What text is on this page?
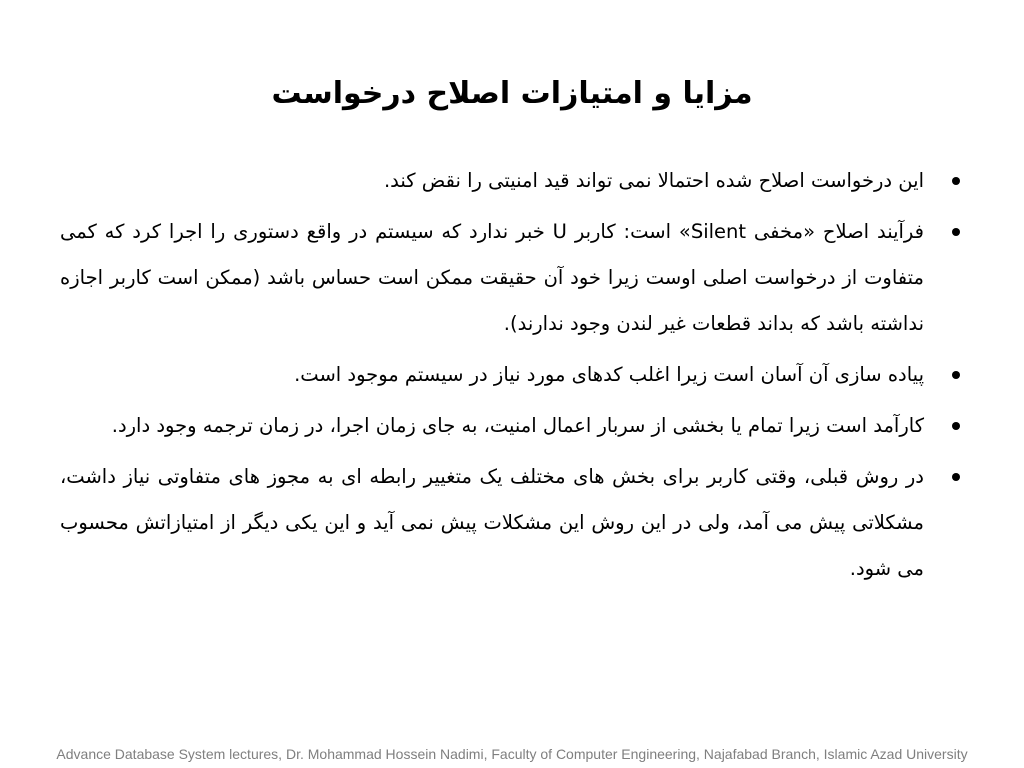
مزایا و امتیازات اصلاح درخواست
این درخواست اصلاح شده احتمالا نمی تواند قید امنیتی را نقض کند.
فرآیند اصلاح «مخفی Silent» است: کاربر U خبر ندارد که سیستم در واقع دستوری را اجرا کرد که کمی متفاوت از درخواست اصلی اوست زیرا خود آن حقیقت ممکن است حساس باشد (ممکن است کاربر اجازه نداشته باشد که بداند قطعات غیر لندن وجود ندارند).
پیاده سازی آن آسان است زیرا اغلب کدهای مورد نیاز در سیستم موجود است.
کارآمد است زیرا تمام یا بخشی از سربار اعمال امنیت، به جای زمان اجرا، در زمان ترجمه وجود دارد.
در روش قبلی، وقتی کاربر برای بخش های مختلف یک متغییر رابطه ای به مجوز های متفاوتی نیاز داشت، مشکلاتی پیش می آمد، ولی در این روش این مشکلات پیش نمی آید و این یکی دیگر از امتیازاتش محسوب می شود.
Advance Database System lectures, Dr. Mohammad Hossein Nadimi, Faculty of Computer Engineering, Najafabad Branch, Islamic Azad University
